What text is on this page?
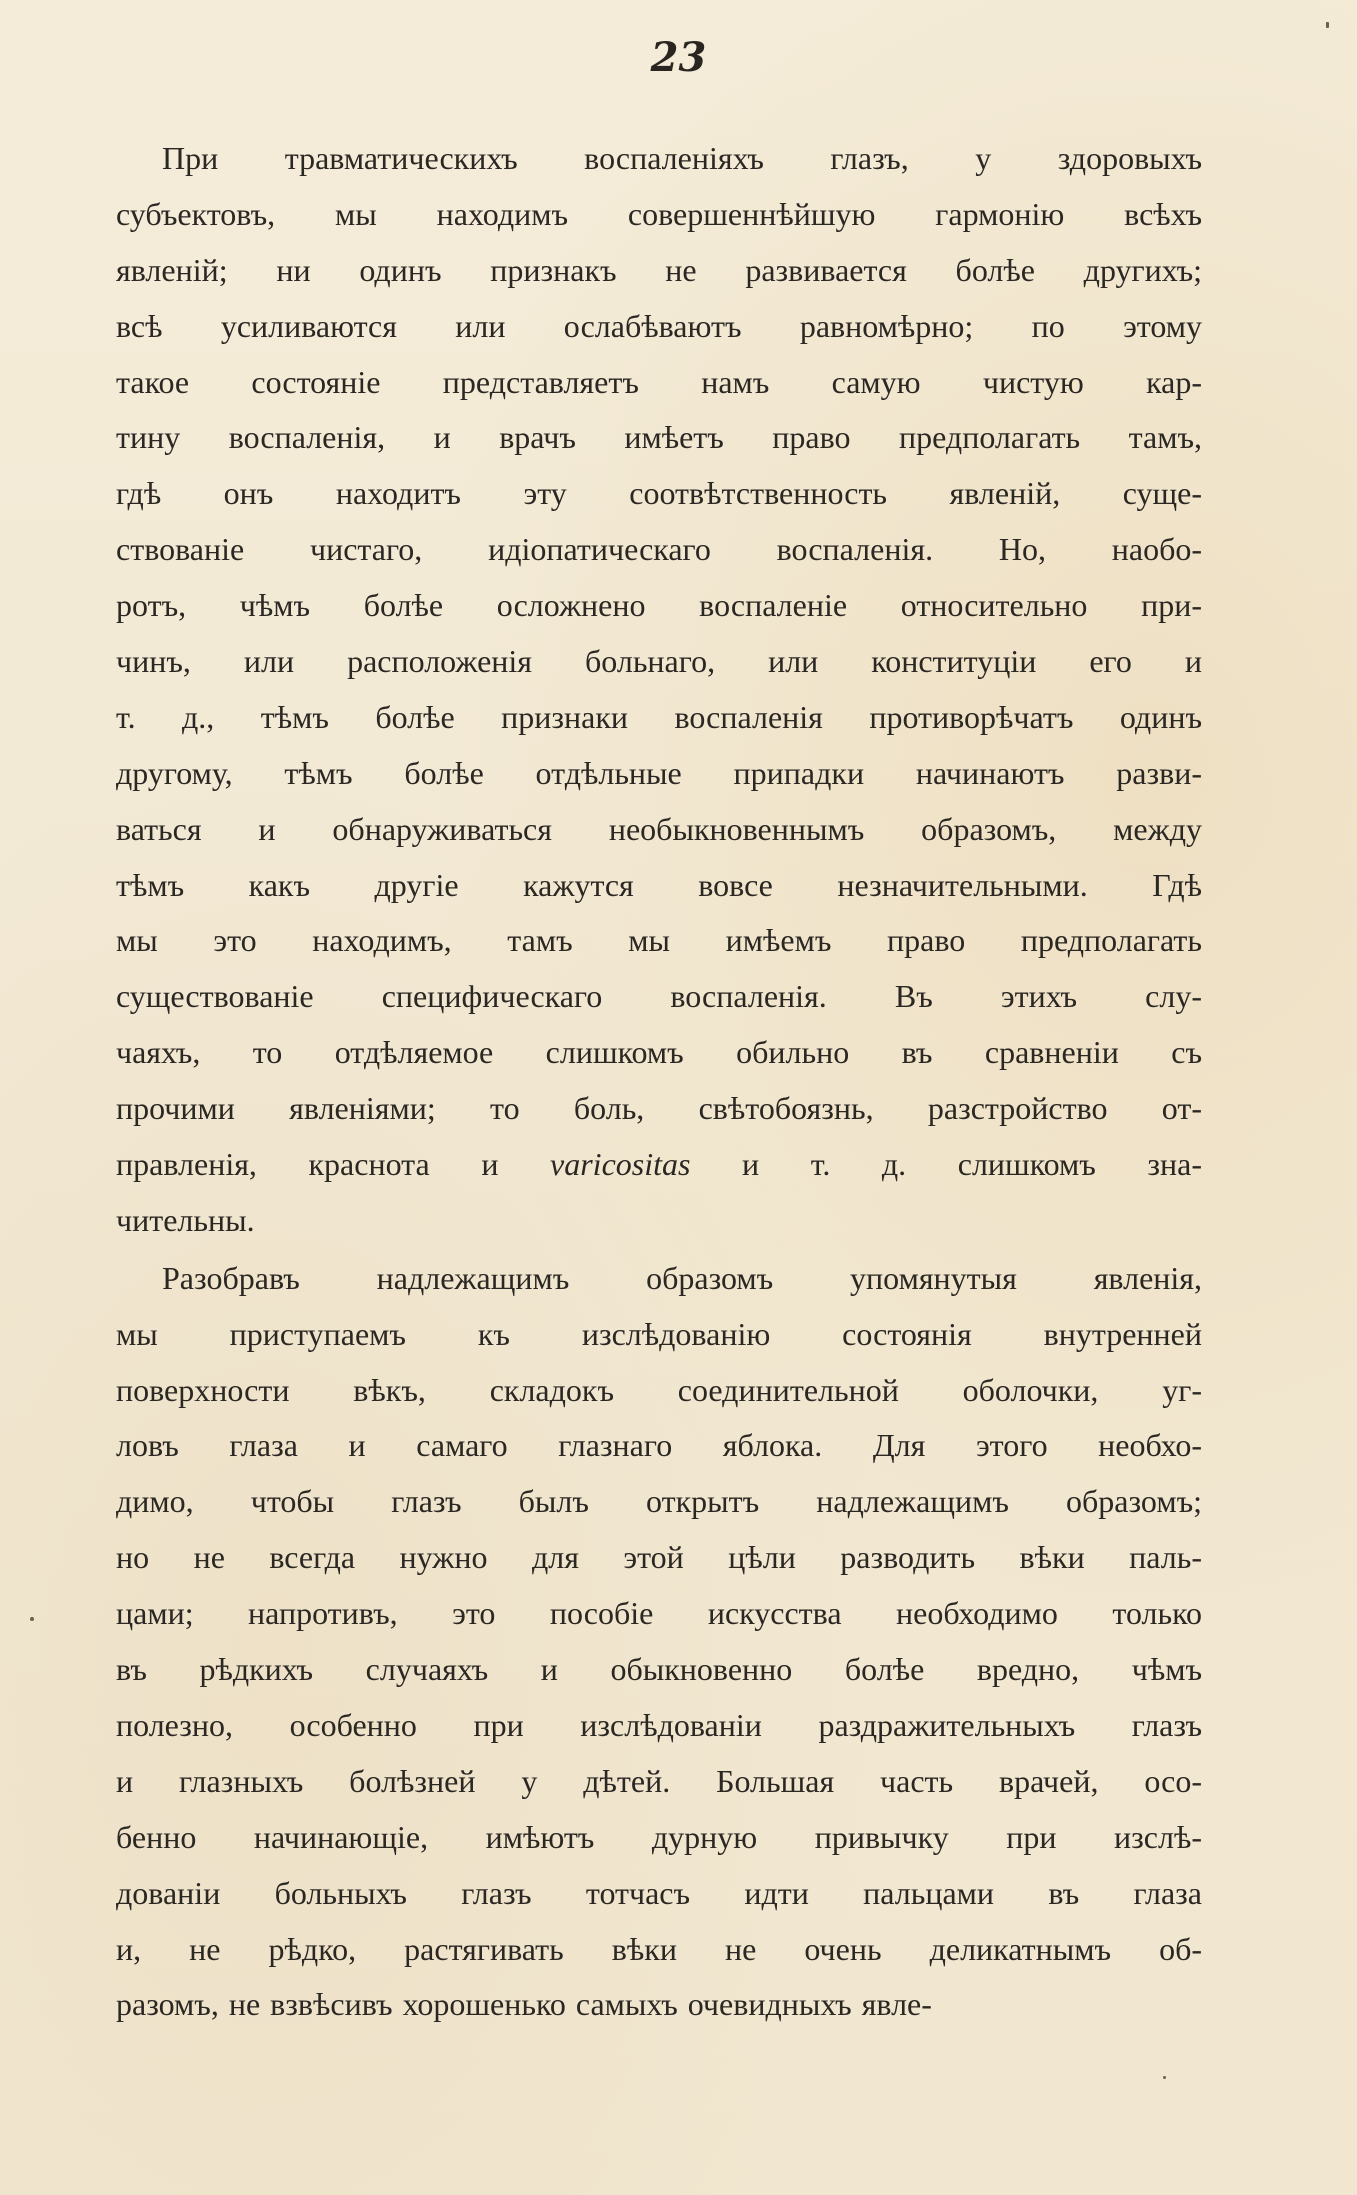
23
При травматическихъ воспаленіяхъ глазъ, у здоровыхъ
субъектовъ, мы находимъ совершеннѣйшую гармонію всѣхъ
явленій; ни одинъ признакъ не развивается болѣе другихъ;
всѣ усиливаются или ослабѣваютъ равномѣрно; по этому
такое состояніе представляетъ намъ самую чистую кар-
тину воспаленія, и врачъ имѣетъ право предполагать тамъ,
гдѣ онъ находитъ эту соотвѣтственность явленій, суще-
ствованіе чистаго, идіопатическаго воспаленія. Но, наобо-
ротъ, чѣмъ болѣе осложнено воспаленіе относительно при-
чинъ, или расположенія больнаго, или конституціи его и
т. д., тѣмъ болѣе признаки воспаленія противорѣчатъ одинъ
другому, тѣмъ болѣе отдѣльные припадки начинаютъ разви-
ваться и обнаруживаться необыкновеннымъ образомъ, между
тѣмъ какъ другіе кажутся вовсе незначительными. Гдѣ
мы это находимъ, тамъ мы имѣемъ право предполагать
существованіе специфическаго воспаленія. Въ этихъ слу-
чаяхъ, то отдѣляемое слишкомъ обильно въ сравненіи съ
прочими явленіями; то боль, свѣтобоязнь, разстройство от-
правленія, краснота и varicositas и т. д. слишкомъ зна-
чительны.
Разобравъ надлежащимъ образомъ упомянутыя явленія,
мы приступаемъ къ изслѣдованію состоянія внутренней
поверхности вѣкъ, складокъ соединительной оболочки, уг-
ловъ глаза и самаго глазнаго яблока. Для этого необхо-
димо, чтобы глазъ былъ открытъ надлежащимъ образомъ;
но не всегда нужно для этой цѣли разводить вѣки паль-
цами; напротивъ, это пособіе искусства необходимо только
въ рѣдкихъ случаяхъ и обыкновенно болѣе вредно, чѣмъ
полезно, особенно при изслѣдованіи раздражительныхъ глазъ
и глазныхъ болѣзней у дѣтей. Большая часть врачей, осо-
бенно начинающіе, имѣютъ дурную привычку при изслѣ-
дованіи больныхъ глазъ тотчасъ идти пальцами въ глаза
и, не рѣдко, растягивать вѣки не очень деликатнымъ об-
разомъ, не взвѣсивъ хорошенько самыхъ очевидныхъ явле-
